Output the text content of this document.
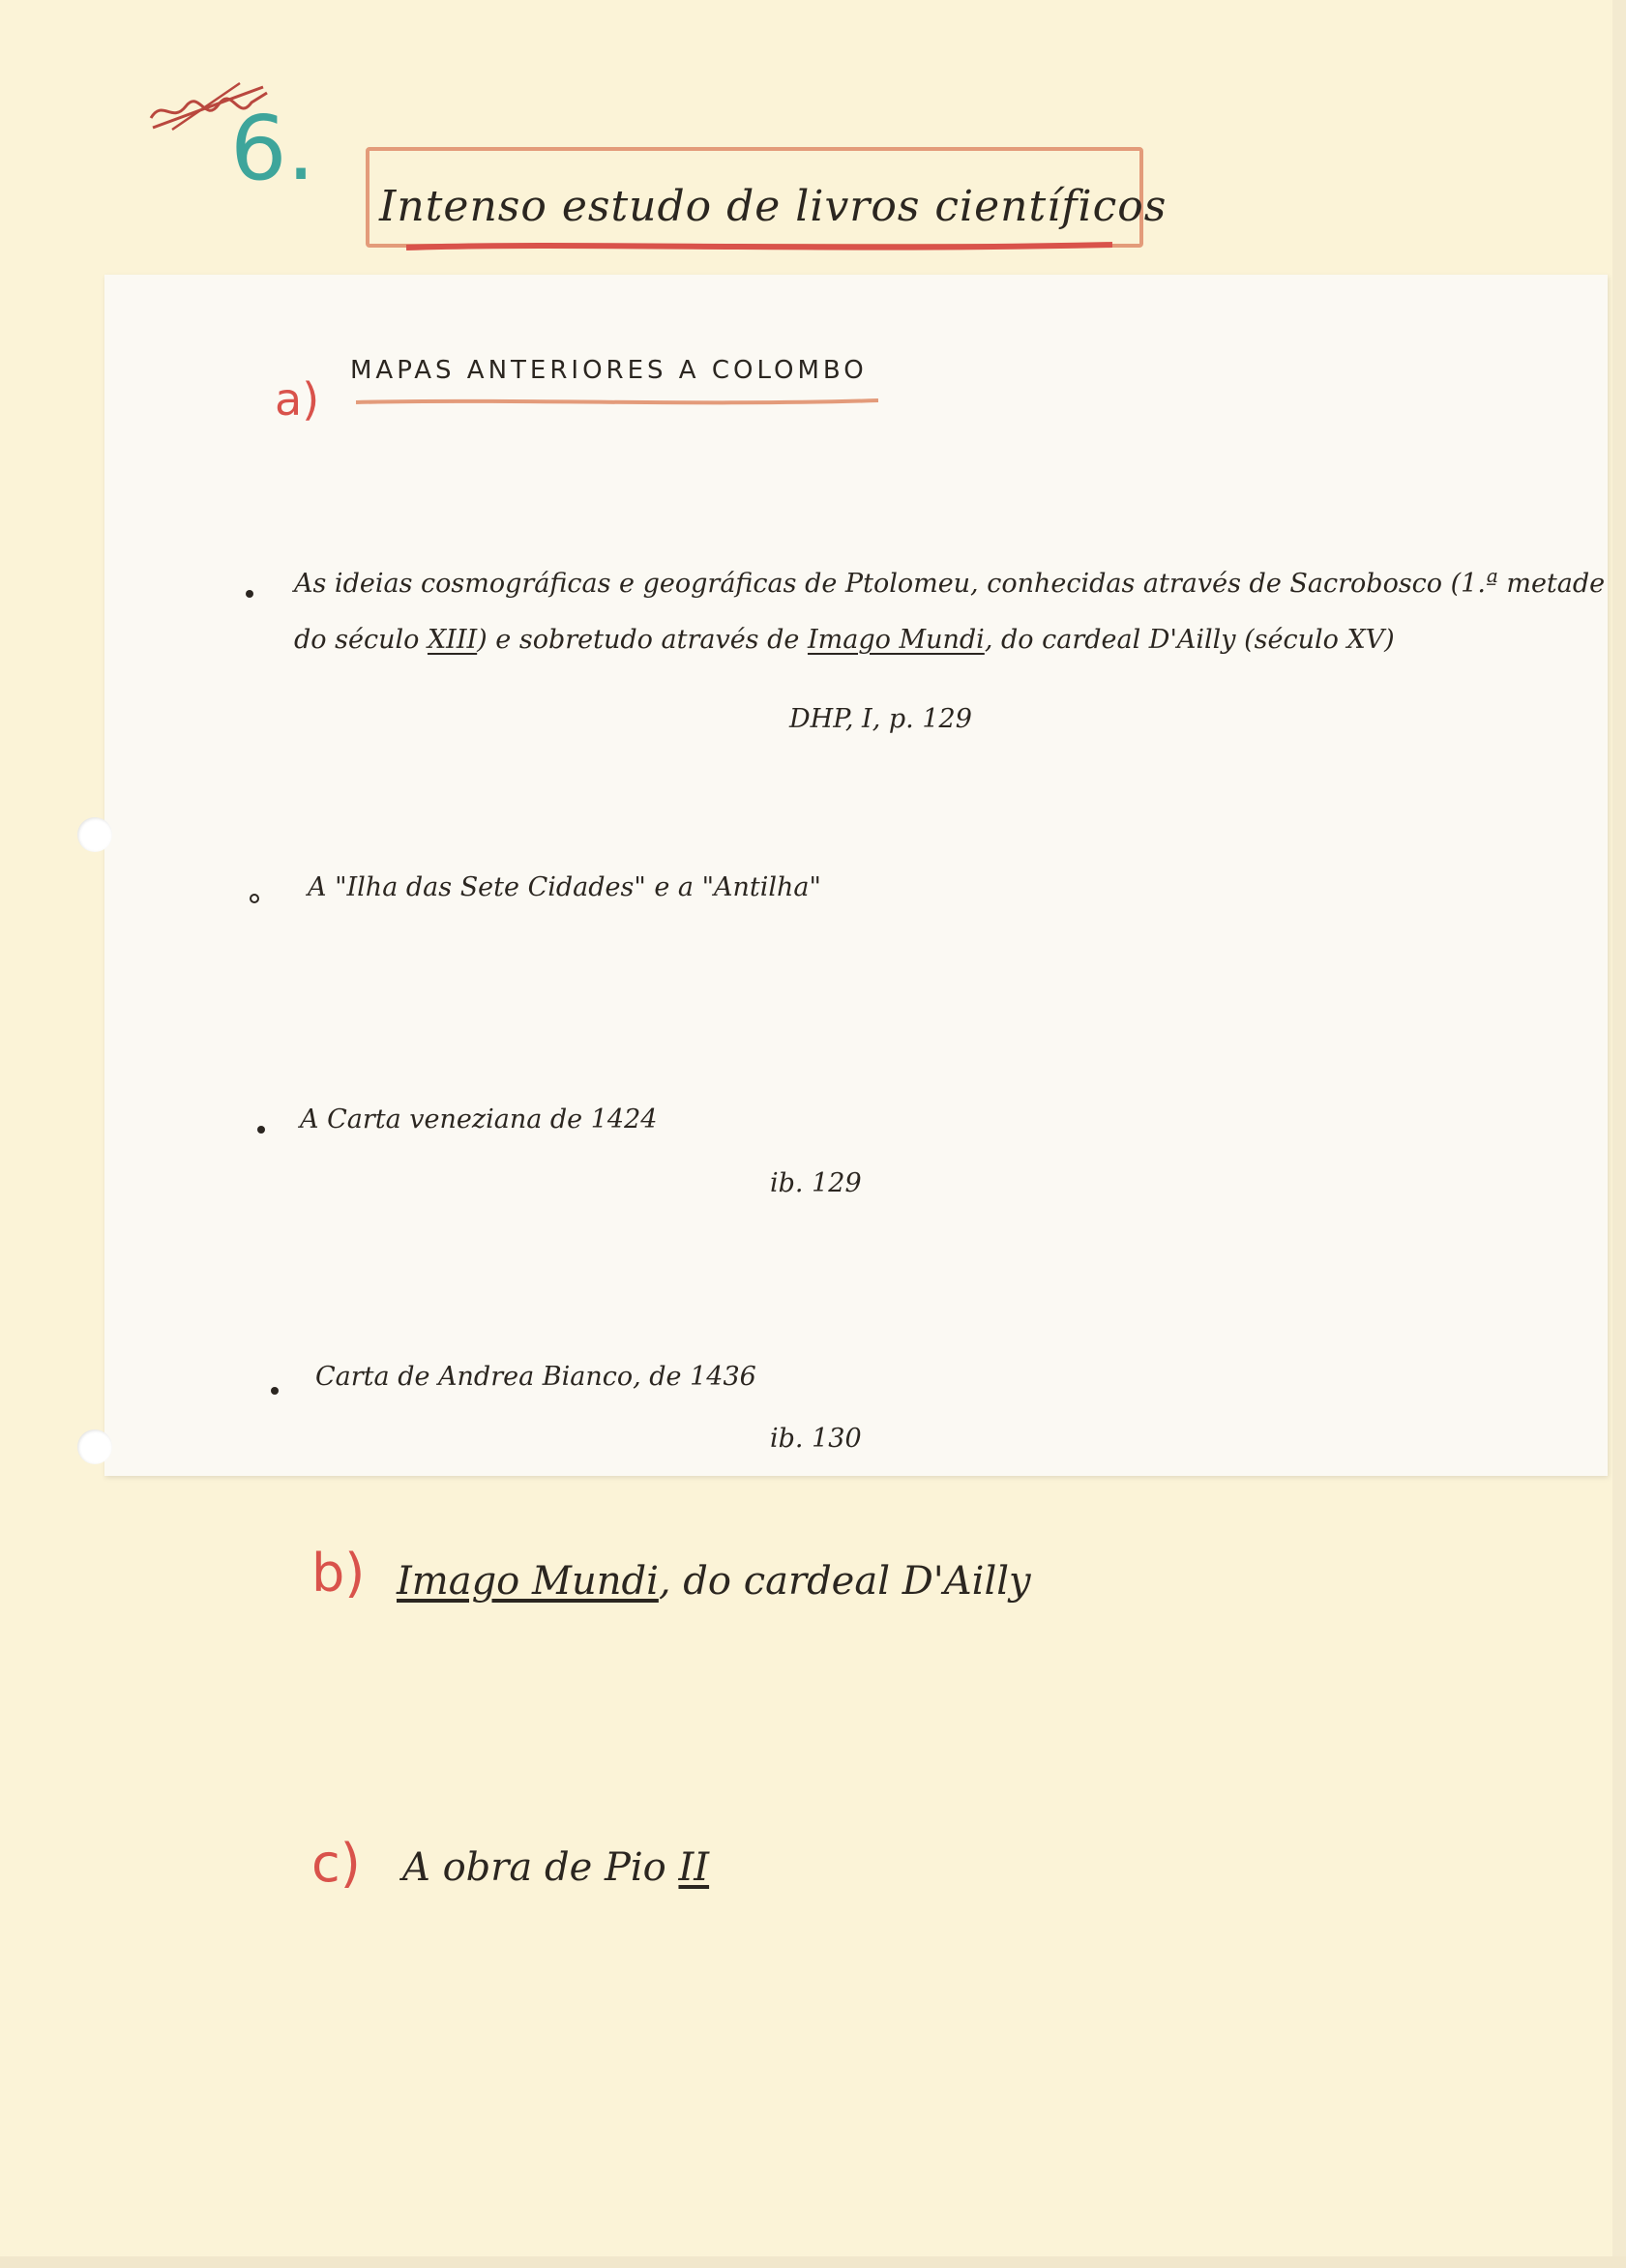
6.
Intenso estudo de livros científicos
a)
MAPAS ANTERIORES A COLOMBO
As ideias cosmográficas e geográficas de Ptolomeu, conhecidas através de Sacrobosco (1.ª metade
do século XIII) e sobretudo através de Imago Mundi, do cardeal D'Ailly (século XV)
DHP, I, p. 129
A "Ilha das Sete Cidades" e a "Antilha"
A Carta veneziana de 1424
ib. 129
Carta de Andrea Bianco, de 1436
ib. 130
b) Imago Mundi, do cardeal D'Ailly
c) A obra de Pio II
